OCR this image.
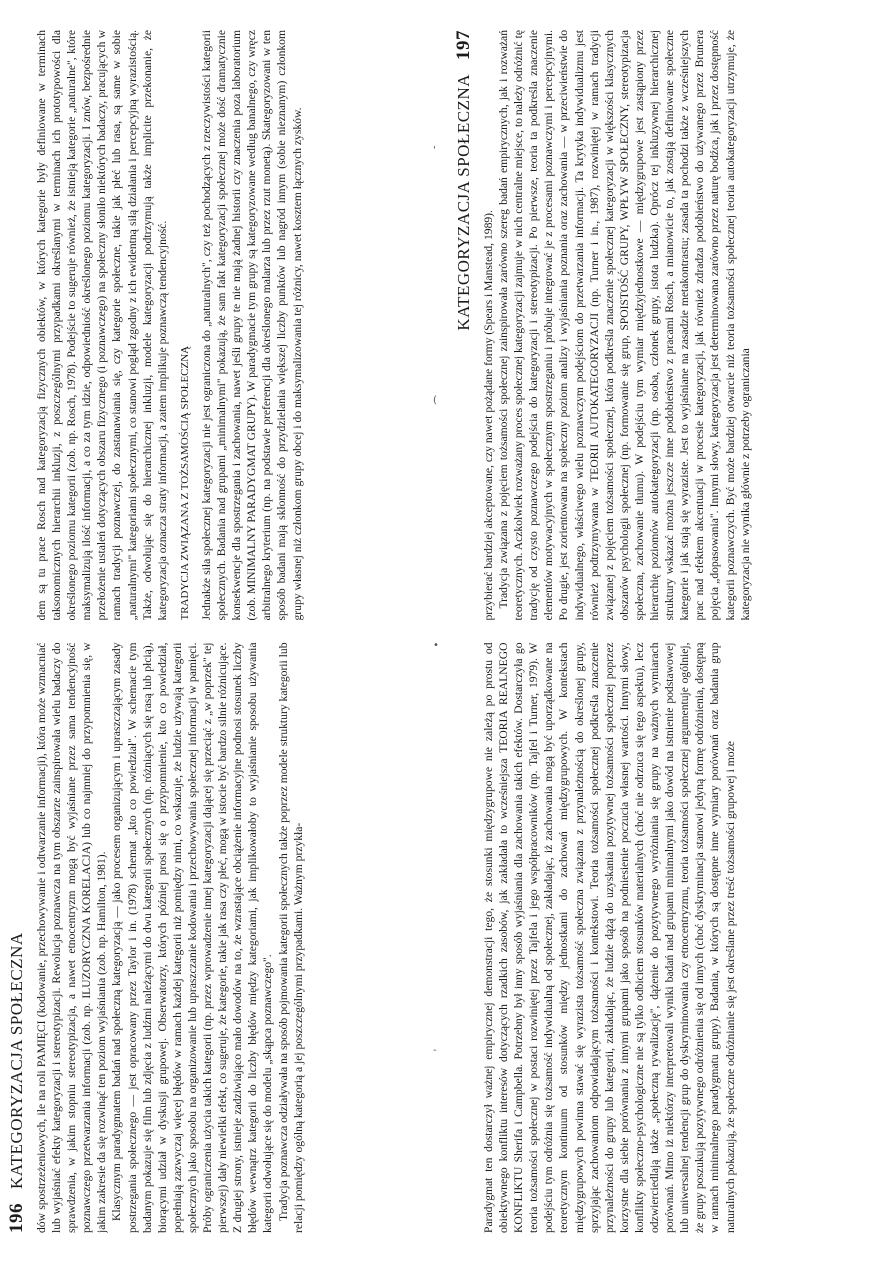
196
KATEGORYZACJA SPOŁECZNA dów spostrzeżeniowych, ile na roli PAMIĘCI (kodowanie, przechowywanie i odtwarzanie informacji), która może wzmacniać lub wyjaśniać efekty kategoryzacji i stereotypizacji. Rewolucja poznawcza na tym obszarze zainspirowała wielu badaczy do sprawdzenia, w jakim stopniu stereotypizacja, a nawet etnocentryzm mogą być wyjaśniane przez sama tendencyjność poznawczego przetwarzania informacji (zob. np. ILUZORYCZNA KORELACJA) lub co najmniej do przypomnienia się, w jakim zakresie da się rozwinąć ten poziom wyjaśniania (zob. np. Hamilton, 1981). Klasycznym paradygmatem badań nad społeczną kategoryzacją — jako procesem organizującym i upraszczającym zasady postrzegania społecznego — jest opracowany przez Taylor i in. (1978) schemat „kto co powiedział". W schemacie tym badanym pokazuje się film lub zdjęcia z ludźmi należącymi do dwu kategorii społecznych (np. różniących się rasą lub płcią), biorącymi udział w dyskusji grupowej. Obserwatorzy, których później prosi się o przypomnienie, kto co powiedział, popełniają zazwyczaj więcej błędów w ramach każdej kategorii niż pomiędzy nimi, co wskazuje, że ludzie używają kategorii społecznych jako sposobu na organizowanie lub upraszczanie kodowania i przechowywania społecznej informacji w pamięci. Próby ograniczenia użycia takich kategorii (np. przez wprowadzenie innej kategoryzacji dającej się przeciąć z „w poprzek" tej pierwszej) dały niewielki efekt, co sugeruje, że kategorie, takie jak rasa czy płeć, mogą w istocie być bardzo silnie różnicujące. Z drugiej strony, istnieje zadziwiająco mało dowodów na to, że wzrastające obciążenie informacyjne podnosi stosunek liczby błędów wewnątrz kategorii do liczby błędów między kategoriami, jak implikowałoby to wyjaśnianie sposobu używania kategorii odwołujące się do modelu „skąpca poznawczego". Tradycja poznawcza odziaływała na sposób pojmowania kategorii społecznych także poprzez modele struktury kategorii lub relacji pomiędzy ogólną kategorią a jej poszczególnymi przypadkami. Ważnym przykła-

dem są tu prace Rosch nad kategoryzacją fizycznych obiektów, w których kategorie były definiowane w terminach taksonomicznych hierarchii inkluzji, z poszczególnymi przypadkami określanymi w terminach ich prototypowości dla określonego poziomu kategorii (zob. np. Rosch, 1978). Podejście to sugeruje również, że istnieją kategorie „naturalne", które maksymalizują ilość informacji, a co za tym idzie, odpowiedniość określonego poziomu kategoryzacji. I znów, bezpośrednie przełożenie ustaleń dotyczących obszaru fizycznego (i poznawczego) na społeczny słoniło niektórych badaczy, pracujących w ramach tradycji poznawczej, do zastanawiania się, czy kategorie społeczne, takie jak płeć lub rasa, są same w sobie „naturalnymi" kategoriami społecznymi, co stanowi pogląd zgodny z ich ewidentną siłą działania i percepcyjną wyrazistością. Także, odwołując się do hierarchicznej inkluzji, modele kategoryzacji podtrzymują także implicite przekonanie, że kategoryzacja oznacza straty informacji, a zatem implikuje poznawczą tendencyjność. TRADYCJA ZWIĄZANA Z TOŻSAMOŚCIĄ SPOŁECZNĄ Jednakże siła społecznej kategoryzacji nie jest ograniczona do „naturalnych", czy też pochodzących z rzeczywistości kategorii społecznych. Badania nad grupami „minimalnymi" pokazują, że sam fakt kategoryzacji społecznej może dość dramatycznie konsekwencje dla spostrzegania i zachowania, nawet jeśli grupy te nie mają żadnej historii czy znaczenia poza laboratorium (zob. MINIMALNY PARADYGMAT GRUPY). W paradygmacie tym grupy są kategoryzowane według banalnego, czy wręcz arbitralnego kryterium (np. na podstawie preferencji dla określonego malarza lub przez rzut monetą). Skategoryzowani w ten sposób badani mają skłonność do przydzielania większej liczby punktów lub nagród innym (sobie nieznanym) członkom grupy własnej niż członkom grupy obcej i do maksymalizowania tej różnicy, nawet kosztem łącznych zysków.	'
(
•
-
KATEGORYZACJA SPOŁECZNA
197

Paradygmat ten dostarczył ważnej empirycznej demonstracji tego, że stosunki międzygrupowe nie zależą po prostu od obiektywnego konfliktu interesów dotyczących rzadkich zasobów, jak zakładała to wcześniejsza TEORIA REALNEGO KONFLIKTU Sherifa i Campbella. Potrzebny był inny sposób wyjaśniania dla zachowania takich efektów. Dostarczyła go teoria tożsamości społecznej w postaci rozwiniętej przez Tajfela i jego współpracowników (np. Tajfel i Turner, 1979). W podejściu tym odróżnia się tożsamość indywidualną od społecznej, zakładając, iż zachowania mogą być uporządkowane na teoretycznym kontinuum od stosunków między jednostkami do zachowań międzygrupowych. W kontekstach międzygrupowych powinna stawać się wyrazista tożsamość społeczna związana z przynależnością do określonej grupy, sprzyjając zachowaniom odpowiadającym tożsamości i kontekstowi. Teoria tożsamości społecznej podkreśla znaczenie przynależności do grupy lub kategorii, zakładając, że ludzie dążą do uzyskania pozytywnej tożsamości społecznej poprzez korzystne dla siebie porównania z innymi grupami jako sposób na podniesienie poczucia własnej wartości. Innymi słowy, konflikty społeczno-psychologiczne nie są tylko odbiciem stosunków materialnych (choć nie odrzuca się tego aspektu), lecz odzwierciedlają także „społeczną rywalizację", dążenie do pozytywnego wyróżniania się grupy na ważnych wymiarach porównań. Mimo iż niektórzy interpretowali wyniki badań nad grupami minimalnymi jako dowód na istnienie podstawowej lub uniwersalnej tendencji grup do dyskryminowania czy etnocentryzmu, teoria tożsamości społecznej argumentuje ogólniej, że grupy poszukują pozytywnego odróżnienia się od innych (choć dyskryminacja stanowi jedyną formę odróżnienia, dostępną w ramach minimalnego paradygmatu grupy). Badania, w których są dostępne inne wymiary porównań oraz badania grup naturalnych pokazują, że społeczne odróżnianie się jest określane przez treść tożsamości grupowej i może

przybierać bardziej akceptowane, czy nawet pożądane formy (Spears i Manstead, 1989). Tradycja związana z pojęciem tożsamości społecznej zainspirowała zarówno szereg badań empirycznych, jak i rozważań teoretycznych. Aczkolwiek rozważany proces społecznej kategoryzacji zajmuje w nich centralne miejsce, to należy odróżnić tę tradycję od czysto poznawczego podejścia do kategoryzacji i stereotypizacji. Po pierwsze, teoria ta podkreśla znaczenie elementów motywacyjnych w społecznym spostrzeganiu i próbuje integrować je z procesami poznawczymi i percepcyjnymi. Po drugie, jest zorientowana na społeczny poziom analizy i wyjaśniania poznania oraz zachowania — w przeciwieństwie do indywidualnego, właściwego wielu poznawczym podejściom do przetwarzania informacji. Ta krytyka indywidualizmu jest również podtrzymywana w TEORII AUTOKATEGORYZACJI (np. Turner i in., 1987), rozwiniętej w ramach tradycji związanej z pojęciem tożsamości społecznej, która podkreśla znaczenie społecznej kategoryzacji w większości klasycznych obszarów psychologii społecznej (np. formowanie się grup, SPOISTOŚĆ GRUPY, WPŁYW SPOŁECZNY, stereotypizacja społeczna, zachowanie tłumu). W podejściu tym wymiar międzyjednostkowe — międzygrupowe jest zastąpiony przez hierarchię poziomów autokategoryzacji (np. osoba, członek grupy, istota ludzka). Oprócz tej inkluzywnej hierarchicznej struktury wskazać można jeszcze inne podobieństwo z pracami Rosch, a mianowicie to, jak zostają definiowane społeczne kategorie i jak stają się wyraziste. Jest to wyjaśniane na zasadzie metakontrastu; zasada ta pochodzi także z wcześniejszych prac nad efektem akcentuacji w procesie kategoryzacji, jak również zdradza podobieństwo do używanego przez Brunera pojęcia „dopasowania". Innymi słowy, kategoryzacja jest determinowana zarówno przez naturę bodźca, jak i przez dostępność kategorii poznawczych. Być może bardziej otwarcie niż teoria tożsamości społecznej teoria autokategoryzacji utrzymuje, że kategoryzacja nie wynika głównie z potrzeby ograniczania
